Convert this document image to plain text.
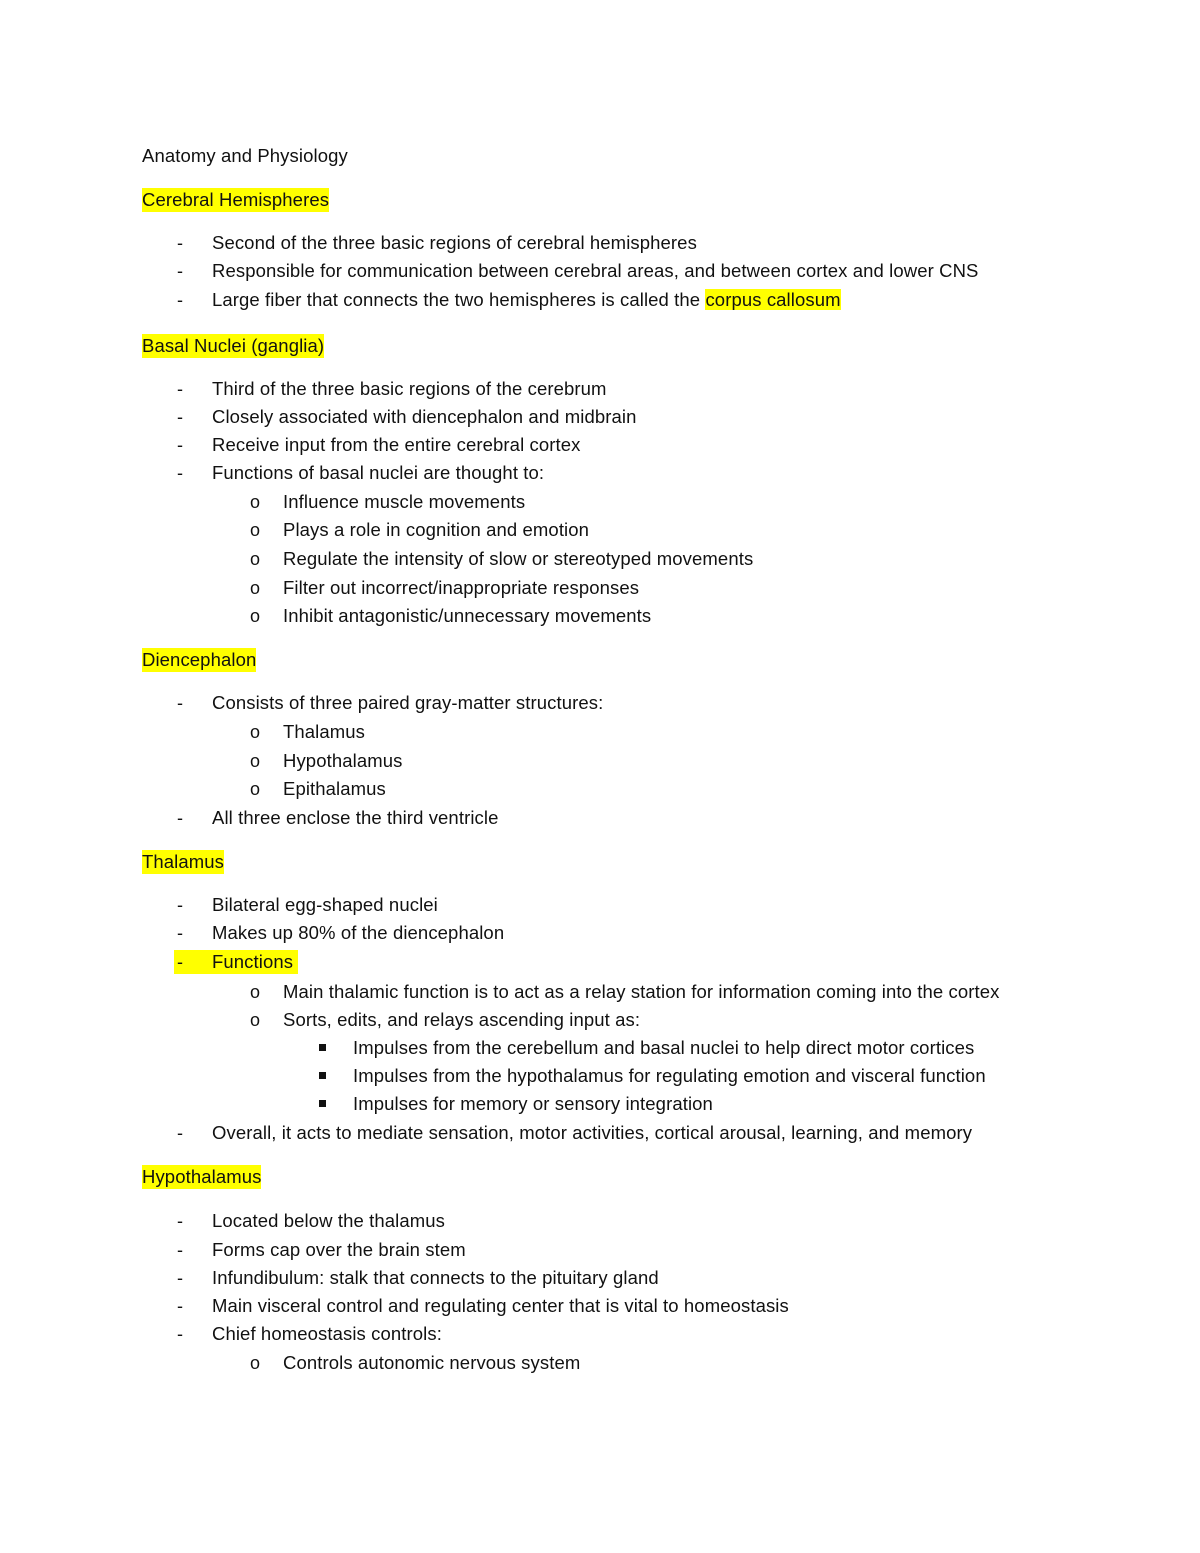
Anatomy and Physiology
Cerebral Hemispheres
- Second of the three basic regions of cerebral hemispheres
- Responsible for communication between cerebral areas, and between cortex and lower CNS
- Large fiber that connects the two hemispheres is called the corpus callosum
Basal Nuclei (ganglia)
- Third of the three basic regions of the cerebrum
- Closely associated with diencephalon and midbrain
- Receive input from the entire cerebral cortex
- Functions of basal nuclei are thought to:
o Influence muscle movements
o Plays a role in cognition and emotion
o Regulate the intensity of slow or stereotyped movements
o Filter out incorrect/inappropriate responses
o Inhibit antagonistic/unnecessary movements
Diencephalon
- Consists of three paired gray-matter structures:
o Thalamus
o Hypothalamus
o Epithalamus
- All three enclose the third ventricle
Thalamus
- Bilateral egg-shaped nuclei
- Makes up 80% of the diencephalon
- Functions
o Main thalamic function is to act as a relay station for information coming into the cortex
o Sorts, edits, and relays ascending input as:
Impulses from the cerebellum and basal nuclei to help direct motor cortices
Impulses from the hypothalamus for regulating emotion and visceral function
Impulses for memory or sensory integration
- Overall, it acts to mediate sensation, motor activities, cortical arousal, learning, and memory
Hypothalamus
- Located below the thalamus
- Forms cap over the brain stem
- Infundibulum: stalk that connects to the pituitary gland
- Main visceral control and regulating center that is vital to homeostasis
- Chief homeostasis controls:
o Controls autonomic nervous system
